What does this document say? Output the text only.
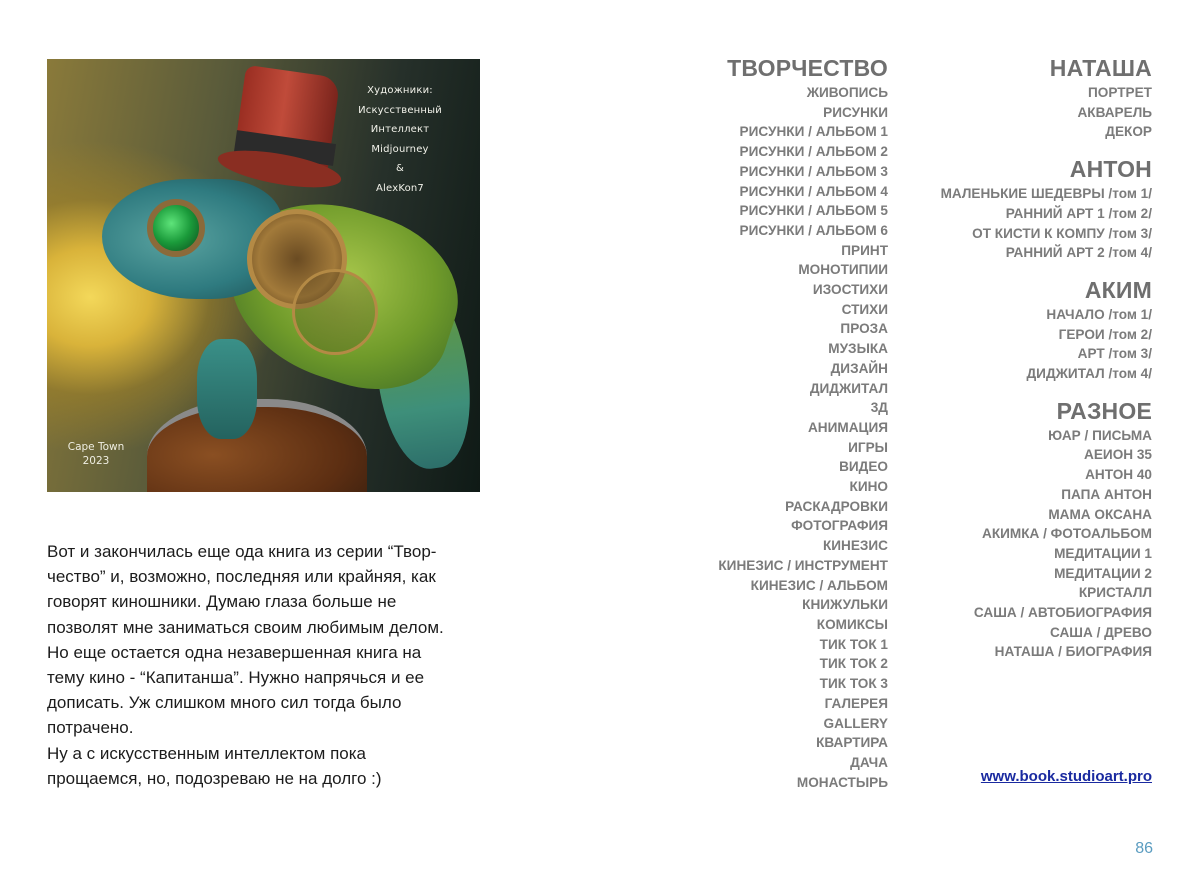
Художники:
Искусственный
Интеллект
Midjourney
&
AlexKon7
Cape Town
2023
Вот и закончилась еще ода книга из серии “Твор-
чество” и, возможно, последняя или крайняя, как
говорят киношники. Думаю глаза больше не
позволят мне заниматься своим любимым делом.
Но еще остается одна незавершенная книга на
тему кино - “Капитанша”. Нужно напрячься и ее
дописать. Уж слишком много сил тогда было
потрачено.
Ну а с искусственным интеллектом пока
прощаемся, но, подозреваю не на долго :)
ТВОРЧЕСТВО
ЖИВОПИСЬ
РИСУНКИ
РИСУНКИ / АЛЬБОМ 1
РИСУНКИ / АЛЬБОМ 2
РИСУНКИ / АЛЬБОМ 3
РИСУНКИ / АЛЬБОМ 4
РИСУНКИ / АЛЬБОМ 5
РИСУНКИ / АЛЬБОМ 6
ПРИНТ
МОНОТИПИИ
ИЗОСТИХИ
СТИХИ
ПРОЗА
МУЗЫКА
ДИЗАЙН
ДИДЖИТАЛ
3Д
АНИМАЦИЯ
ИГРЫ
ВИДЕО
КИНО
РАСКАДРОВКИ
ФОТОГРАФИЯ
КИНЕЗИС
КИНЕЗИС / ИНСТРУМЕНТ
КИНЕЗИС / АЛЬБОМ
КНИЖУЛЬКИ
КОМИКСЫ
ТИК ТОК 1
ТИК ТОК 2
ТИК ТОК 3
ГАЛЕРЕЯ
GALLERY
КВАРТИРА
ДАЧА
МОНАСТЫРЬ
НАТАША
ПОРТРЕТ
АКВАРЕЛЬ
ДЕКОР
АНТОН
МАЛЕНЬКИЕ ШЕДЕВРЫ /том 1/
РАННИЙ АРТ 1 /том 2/
ОТ КИСТИ К КОМПУ /том 3/
РАННИЙ АРТ 2 /том 4/
АКИМ
НАЧАЛО /том 1/
ГЕРОИ /том 2/
АРТ /том 3/
ДИДЖИТАЛ /том 4/
РАЗНОЕ
ЮАР / ПИСЬМА
АЕИОН 35
АНТОН 40
ПАПА АНТОН
МАМА ОКСАНА
АКИМКА / ФОТОАЛЬБОМ
МЕДИТАЦИИ 1
МЕДИТАЦИИ 2
КРИСТАЛЛ
САША / АВТОБИОГРАФИЯ
САША / ДРЕВО
НАТАША / БИОГРАФИЯ
www.book.studioart.pro
86
